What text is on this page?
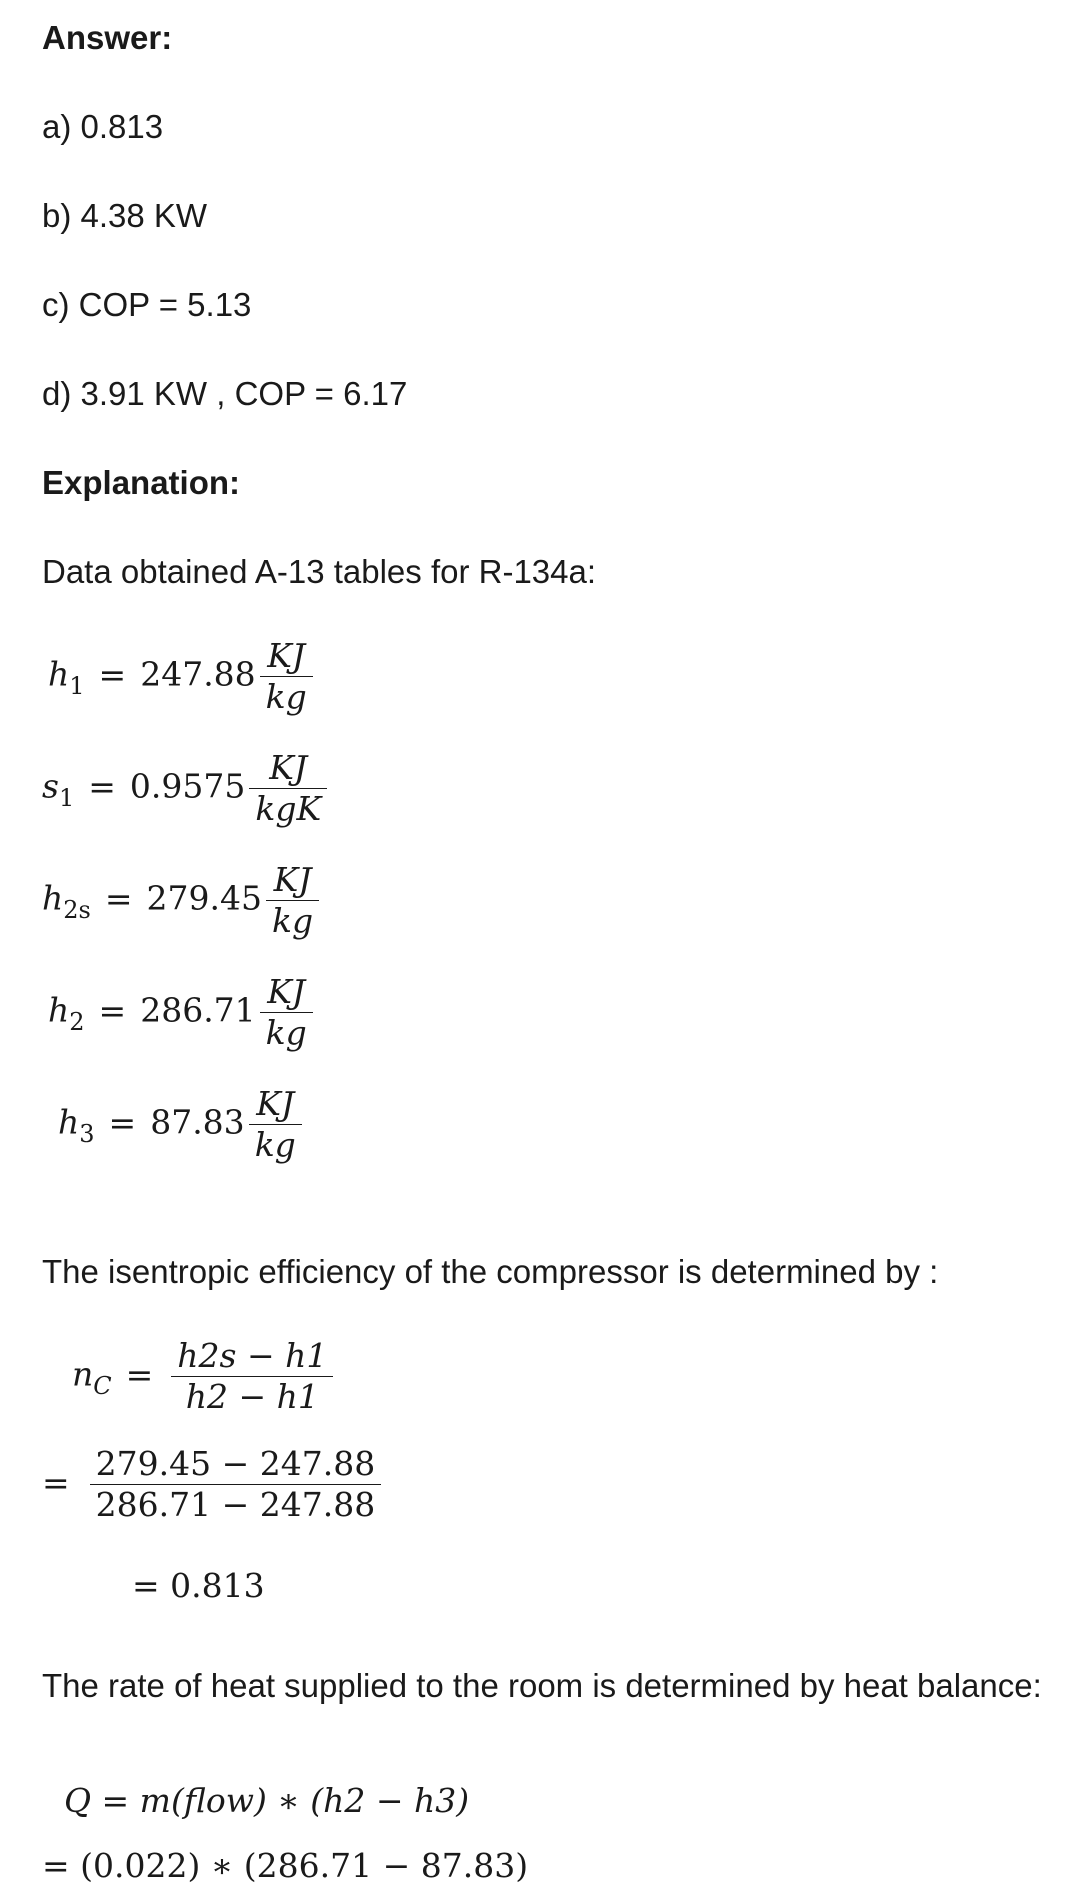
Answer:
a) 0.813
b) 4.38 KW
c) COP = 5.13
d) 3.91 KW , COP = 6.17
Explanation:
Data obtained A-13 tables for R-134a:
$h_1 = 247.88 \frac{KJ}{kg}$
$s_1 = 0.9575 \frac{KJ}{\text{kgK}}$
$h_{2s} = 279.45 \frac{KJ}{kg}$
$h_2 = 286.71 \frac{KJ}{kg}$
$h_3 = 87.83 \frac{KJ}{kg}$
The isentropic efficiency of the compressor is determined by :
$n_C = \frac{h2s - h1}{h2 - h1}$
= $\frac{279.45 - 247.88}{286.71 - 247.88}$
= 0.813
The rate of heat supplied to the room is determined by heat balance:
Q = m(flow) ∗ (h2 − h3)
= (0.022) ∗ (286.71 − 87.83)
